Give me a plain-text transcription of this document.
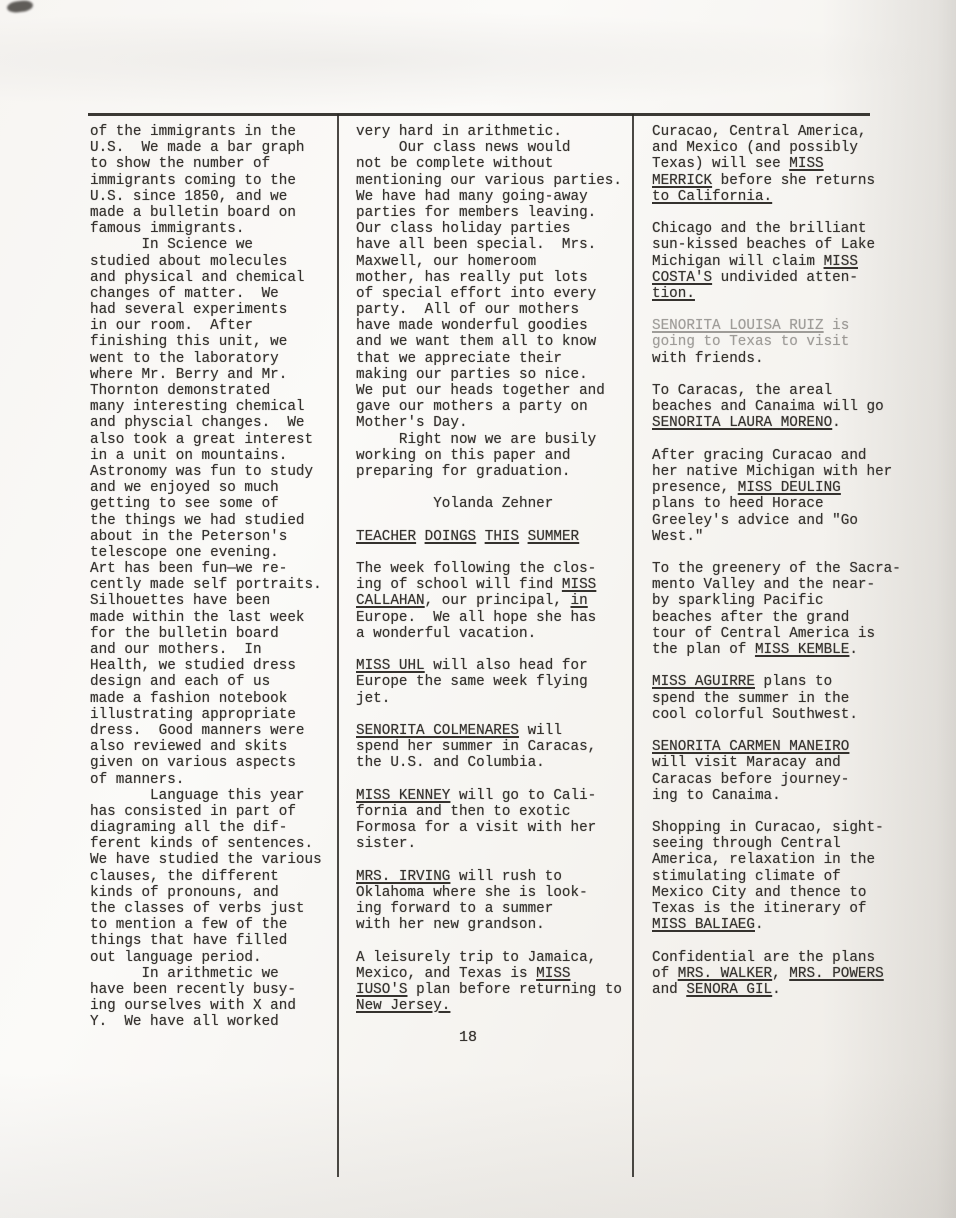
of the immigrants in the
U.S.  We made a bar graph
to show the number of
immigrants coming to the
U.S. since 1850, and we
made a bulletin board on
famous immigrants.
In Science we
studied about molecules
and physical and chemical
changes of matter.  We
had several experiments
in our room.  After
finishing this unit, we
went to the laboratory
where Mr. Berry and Mr.
Thornton demonstrated
many interesting chemical
and physcial changes.  We
also took a great interest
in a unit on mountains.
Astronomy was fun to study
and we enjoyed so much
getting to see some of
the things we had studied
about in the Peterson's
telescope one evening.
Art has been fun—we re-
cently made self portraits.
Silhouettes have been
made within the last week
for the bulletin board
and our mothers.  In
Health, we studied dress
design and each of us
made a fashion notebook
illustrating appropriate
dress.  Good manners were
also reviewed and skits
given on various aspects
of manners.
Language this year
has consisted in part of
diagraming all the dif-
ferent kinds of sentences.
We have studied the various
clauses, the different
kinds of pronouns, and
the classes of verbs just
to mention a few of the
things that have filled
out language period.
In arithmetic we
have been recently busy-
ing ourselves with X and
Y.  We have all worked
very hard in arithmetic.
Our class news would
not be complete without
mentioning our various parties.
We have had many going-away
parties for members leaving.
Our class holiday parties
have all been special.  Mrs.
Maxwell, our homeroom
mother, has really put lots
of special effort into every
party.  All of our mothers
have made wonderful goodies
and we want them all to know
that we appreciate their
making our parties so nice.
We put our heads together and
gave our mothers a party on
Mother's Day.
Right now we are busily
working on this paper and
preparing for graduation.

Yolanda Zehner

TEACHER DOINGS THIS SUMMER

The week following the clos-
ing of school will find MISS
CALLAHAN, our principal, in
Europe.  We all hope she has
a wonderful vacation.

MISS UHL will also head for
Europe the same week flying
jet.

SENORITA COLMENARES will
spend her summer in Caracas,
the U.S. and Columbia.

MISS KENNEY will go to Cali-
fornia and then to exotic
Formosa for a visit with her
sister.

MRS. IRVING will rush to
Oklahoma where she is look-
ing forward to a summer
with her new grandson.

A leisurely trip to Jamaica,
Mexico, and Texas is MISS
IUSO'S plan before returning to
New Jersey.
Curacao, Central America,
and Mexico (and possibly
Texas) will see MISS
MERRICK before she returns
to California.

Chicago and the brilliant
sun-kissed beaches of Lake
Michigan will claim MISS
COSTA'S undivided atten-
tion.

SENORITA LOUISA RUIZ is
going to Texas to visit
with friends.

To Caracas, the areal
beaches and Canaima will go
SENORITA LAURA MORENO.

After gracing Curacao and
her native Michigan with her
presence, MISS DEULING
plans to heed Horace
Greeley's advice and "Go
West."

To the greenery of the Sacra-
mento Valley and the near-
by sparkling Pacific
beaches after the grand
tour of Central America is
the plan of MISS KEMBLE.

MISS AGUIRRE plans to
spend the summer in the
cool colorful Southwest.

SENORITA CARMEN MANEIRO
will visit Maracay and
Caracas before journey-
ing to Canaima.

Shopping in Curacao, sight-
seeing through Central
America, relaxation in the
stimulating climate of
Mexico City and thence to
Texas is the itinerary of
MISS BALIAEG.

Confidential are the plans
of MRS. WALKER, MRS. POWERS
and SENORA GIL.
18
